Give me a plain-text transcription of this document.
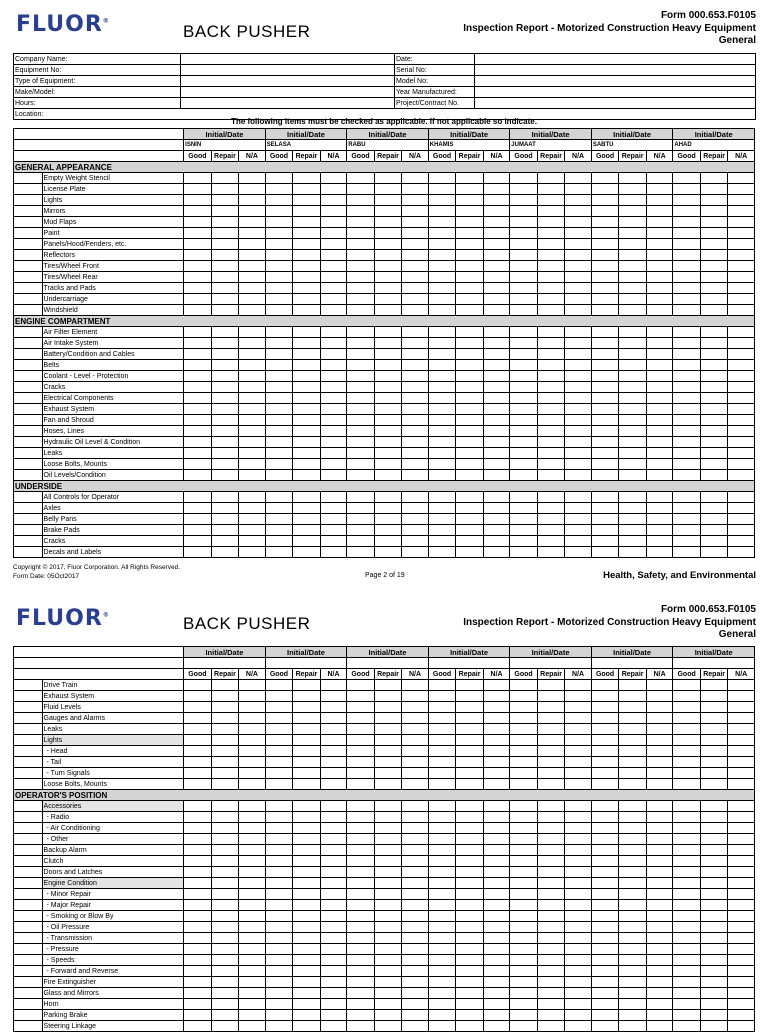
FLUOR®
BACK PUSHER
Form 000.653.F0105
Inspection Report - Motorized Construction Heavy Equipment
General
Company Name:		Date:	
Equipment No:		Serial No:	
Type of Equipment:		Model No:	
Make/Model:		Year Manufactured:	
Hours:		Project/Contract No.	
Location:			
The following items must be checked as applicable. If not applicable so indicate.
		Initial/Date			Initial/Date			Initial/Date			Initial/Date			Initial/Date			Initial/Date			Initial/Date		
		ISNIN			SELASA			RABU			KHAMIS			JUMAAT			SABTU			AHAD		
		Good	Repair	N/A	Good	Repair	N/A	Good	Repair	N/A	Good	Repair	N/A	Good	Repair	N/A	Good	Repair	N/A	Good	Repair	N/A
GENERAL APPEARANCE																						
	Empty Weight Stencil																					
	License Plate																					
	Lights																					
	Mirrors																					
	Mud Flaps																					
	Paint																					
	Panels/Hood/Fenders, etc.																					
	Reflectors																					
	Tires/Wheel Front																					
	Tires/Wheel Rear																					
	Tracks and Pads																					
	Undercarriage																					
	Windshield																					
ENGINE COMPARTMENT																						
	Air Filter Element																					
	Air Intake System																					
	Battery/Condition and Cables																					
	Belts																					
	Coolant - Level - Protection																					
	Cracks																					
	Electrical Components																					
	Exhaust System																					
	Fan and Shroud																					
	Hoses, Lines																					
	Hydraulic Oil Level & Condition																					
	Leaks																					
	Loose Bolts, Mounts																					
	Oil Levels/Condition																					
UNDERSIDE																						
	All Controls for Operator																					
	Axles																					
	Belly Pans																					
	Brake Pads																					
	Cracks																					
	Decals and Labels																					
Copyright © 2017, Fluor Corporation. All Rights Reserved.
Form Date: 05Oct2017	Page 2 of 19	Health, Safety, and Environmental
FLUOR®	BACK PUSHER
Form 000.653.F0105
Inspection Report - Motorized Construction Heavy Equipment
General
		Initial/Date			Initial/Date			Initial/Date			Initial/Date			Initial/Date			Initial/Date			Initial/Date		

		Good	Repair	N/A	Good	Repair	N/A	Good	Repair	N/A	Good	Repair	N/A	Good	Repair	N/A	Good	Repair	N/A	Good	Repair	N/A
	Drive Train																					
	Exhaust System																					
	Fluid Levels																					
	Gauges and Alarms																					
	Leaks																					
	Lights																					
	- Head																					
	- Tail																					
	- Turn Signals																					
	Loose Bolts, Mounts																					
OPERATOR'S POSITION																						
	Accessories																					
	- Radio																					
	- Air Conditioning																					
	- Other																					
	Backup Alarm																					
	Clutch																					
	Doors and Latches																					
	Engine Condition																					
	- Minor Repair																					
	- Major Repair																					
	- Smoking or Blow By																					
	- Oil Pressure																					
	- Transmission																					
	- Pressure																					
	- Speeds																					
	- Forward and Reverse																					
	Fire Extinguisher																					
	Glass and Mirrors																					
	Horn																					
	Parking Brake																					
	Steering Linkage																					
